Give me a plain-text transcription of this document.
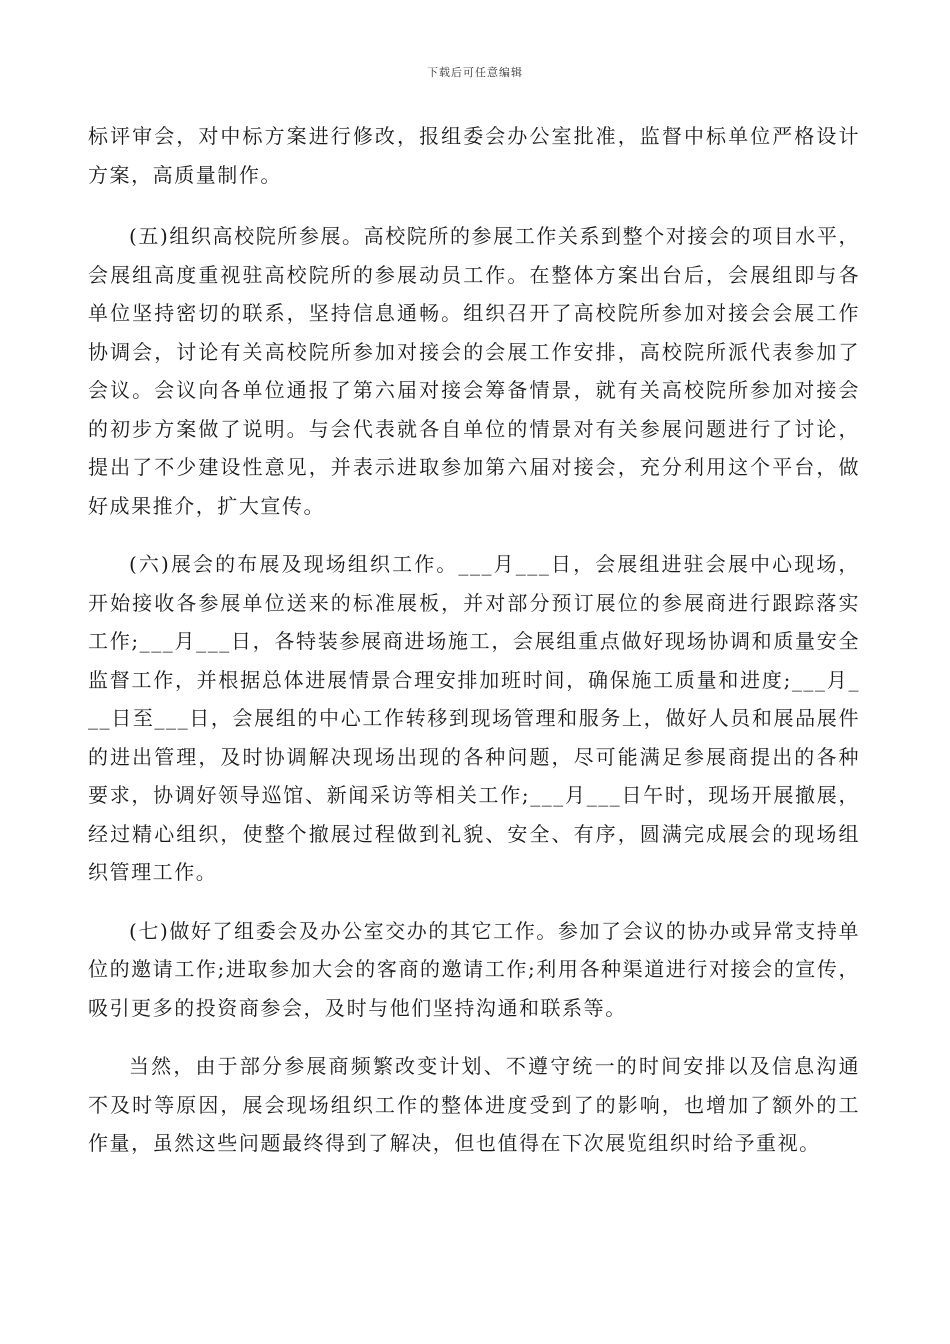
下载后可任意编辑

标评审会，对中标方案进行修改，报组委会办公室批准，监督中标单位严格设计方案，高质量制作。

(五)组织高校院所参展。高校院所的参展工作关系到整个对接会的项目水平，会展组高度重视驻高校院所的参展动员工作。在整体方案出台后，会展组即与各单位坚持密切的联系，坚持信息通畅。组织召开了高校院所参加对接会会展工作协调会，讨论有关高校院所参加对接会的会展工作安排，高校院所派代表参加了会议。会议向各单位通报了第六届对接会筹备情景，就有关高校院所参加对接会的初步方案做了说明。与会代表就各自单位的情景对有关参展问题进行了讨论，提出了不少建设性意见，并表示进取参加第六届对接会，充分利用这个平台，做好成果推介，扩大宣传。

(六)展会的布展及现场组织工作。___月___日，会展组进驻会展中心现场，开始接收各参展单位送来的标准展板，并对部分预订展位的参展商进行跟踪落实工作;___月___日，各特装参展商进场施工，会展组重点做好现场协调和质量安全监督工作，并根据总体进展情景合理安排加班时间，确保施工质量和进度;___月___日至___日，会展组的中心工作转移到现场管理和服务上，做好人员和展品展件的进出管理，及时协调解决现场出现的各种问题，尽可能满足参展商提出的各种要求，协调好领导巡馆、新闻采访等相关工作;___月___日午时，现场开展撤展，经过精心组织，使整个撤展过程做到礼貌、安全、有序，圆满完成展会的现场组织管理工作。

(七)做好了组委会及办公室交办的其它工作。参加了会议的协办或异常支持单位的邀请工作;进取参加大会的客商的邀请工作;利用各种渠道进行对接会的宣传，吸引更多的投资商参会，及时与他们坚持沟通和联系等。

当然，由于部分参展商频繁改变计划、不遵守统一的时间安排以及信息沟通不及时等原因，展会现场组织工作的整体进度受到了的影响，也增加了额外的工作量，虽然这些问题最终得到了解决，但也值得在下次展览组织时给予重视。
